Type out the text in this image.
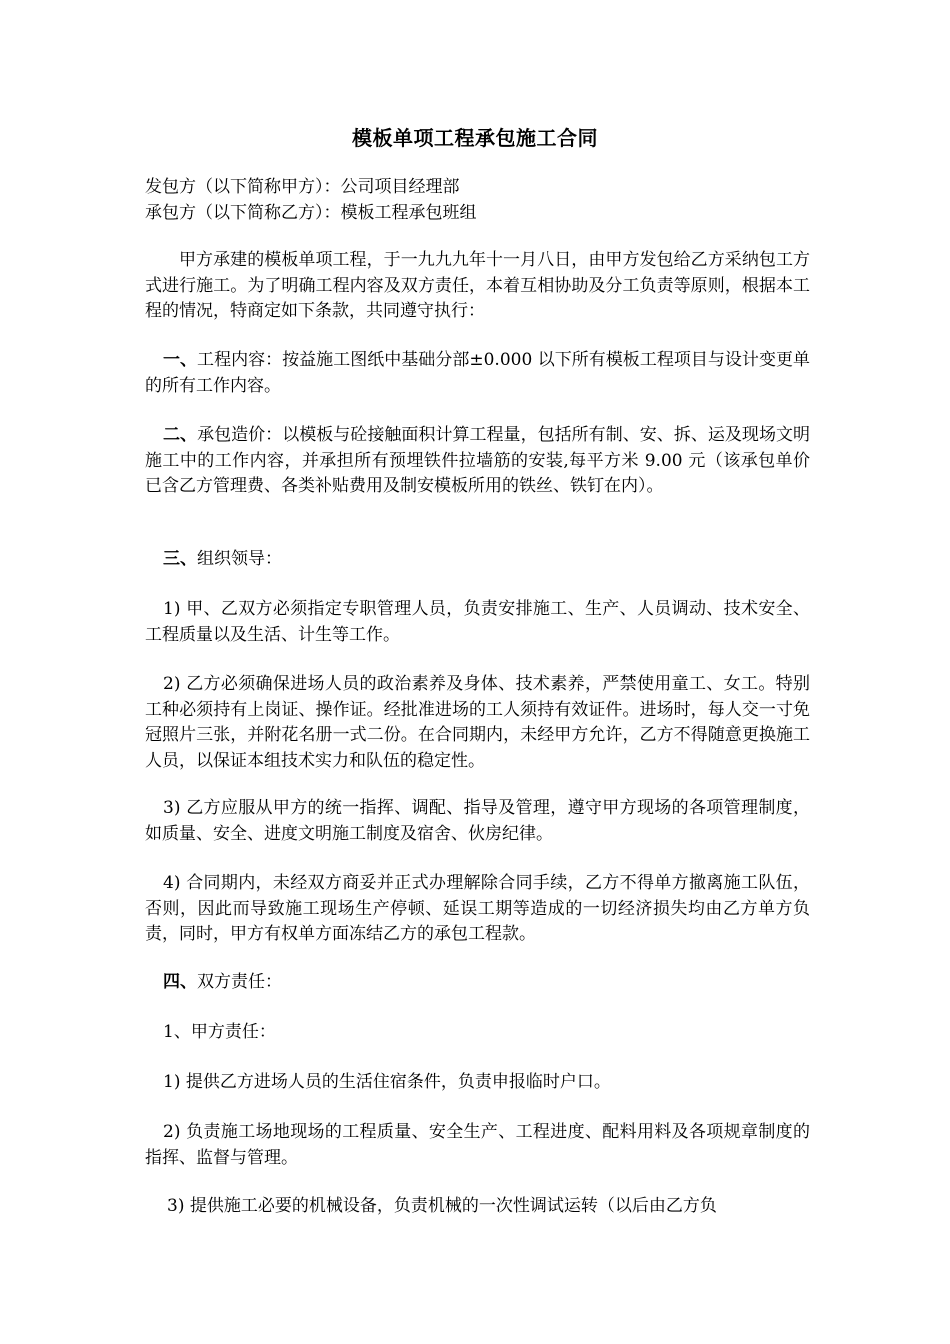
模板单项工程承包施工合同

发包方（以下简称甲方）：公司项目经理部

承包方（以下简称乙方）：模板工程承包班组

甲方承建的模板单项工程，于一九九九年十一月八日，由甲方发包给乙方采纳包工方式进行施工。为了明确工程内容及双方责任，本着互相协助及分工负责等原则，根据本工程的情况，特商定如下条款，共同遵守执行：

一、工程内容：按益施工图纸中基础分部±0.000 以下所有模板工程项目与设计变更单的所有工作内容。

二、承包造价：以模板与砼接触面积计算工程量，包括所有制、安、拆、运及现场文明施工中的工作内容，并承担所有预埋铁件拉墙筋的安装,每平方米 9.00 元（该承包单价已含乙方管理费、各类补贴费用及制安模板所用的铁丝、铁钉在内）。

三、组织领导：

1) 甲、乙双方必须指定专职管理人员，负责安排施工、生产、人员调动、技术安全、工程质量以及生活、计生等工作。

2) 乙方必须确保进场人员的政治素养及身体、技术素养，严禁使用童工、女工。特别工种必须持有上岗证、操作证。经批准进场的工人须持有效证件。进场时，每人交一寸免冠照片三张，并附花名册一式二份。在合同期内，未经甲方允许，乙方不得随意更换施工人员，以保证本组技术实力和队伍的稳定性。

3) 乙方应服从甲方的统一指挥、调配、指导及管理，遵守甲方现场的各项管理制度，如质量、安全、进度文明施工制度及宿舍、伙房纪律。

4) 合同期内，未经双方商妥并正式办理解除合同手续，乙方不得单方撤离施工队伍，否则，因此而导致施工现场生产停顿、延误工期等造成的一切经济损失均由乙方单方负责，同时，甲方有权单方面冻结乙方的承包工程款。

四、双方责任：

1、甲方责任：

1) 提供乙方进场人员的生活住宿条件，负责申报临时户口。

2) 负责施工场地现场的工程质量、安全生产、工程进度、配料用料及各项规章制度的指挥、监督与管理。

3) 提供施工必要的机械设备，负责机械的一次性调试运转（以后由乙方负
